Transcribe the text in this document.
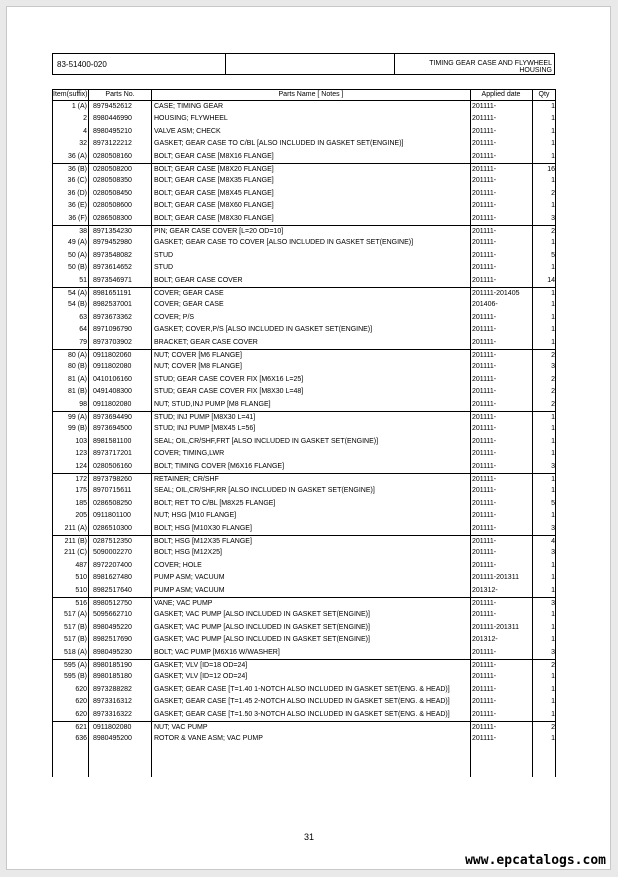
83-51400-020	TIMING GEAR CASE AND FLYWHEEL HOUSING
Item(suffix)	Parts No.	Parts Name [ Notes ]	Applied date	Qty
1 (A) 8979452612	CASE; TIMING GEAR	201111-	1
2 8980446990	HOUSING; FLYWHEEL	201111-	1
4 8980495210	VALVE ASM; CHECK	201111-	1
32 8973122212	GASKET; GEAR CASE TO C/BL [ALSO INCLUDED IN GASKET SET(ENGINE)]	201111-	1
36 (A) 0280508160	BOLT; GEAR CASE [M8X16 FLANGE]	201111-	1
36 (B) 0280508200	BOLT; GEAR CASE [M8X20 FLANGE]	201111-	16
36 (C) 0280508350	BOLT; GEAR CASE [M8X35 FLANGE]	201111-	1
36 (D) 0280508450	BOLT; GEAR CASE [M8X45 FLANGE]	201111-	2
36 (E) 0280508600	BOLT; GEAR CASE [M8X60 FLANGE]	201111-	1
36 (F) 0286508300	BOLT; GEAR CASE [M8X30 FLANGE]	201111-	3
38 8971354230	PIN; GEAR CASE COVER [L=20 OD=10]	201111-	2
49 (A) 8979452980	GASKET; GEAR CASE TO COVER [ALSO INCLUDED IN GASKET SET(ENGINE)]	201111-	1
50 (A) 8973548082	STUD	201111-	5
50 (B) 8973614652	STUD	201111-	1
51 8973546971	BOLT; GEAR CASE COVER	201111-	14
54 (A) 8981651191	COVER; GEAR CASE	201111-201405	1
54 (B) 8982537001	COVER; GEAR CASE	201406-	1
63 8973673362	COVER; P/S	201111-	1
64 8971096790	GASKET; COVER,P/S [ALSO INCLUDED IN GASKET SET(ENGINE)]	201111-	1
79 8973703902	BRACKET; GEAR CASE COVER	201111-	1
80 (A) 0911802060	NUT; COVER [M6 FLANGE]	201111-	2
80 (B) 0911802080	NUT; COVER [M8 FLANGE]	201111-	3
81 (A) 0410106160	STUD; GEAR CASE COVER FIX [M6X16 L=25]	201111-	2
81 (B) 0491408300	STUD; GEAR CASE COVER FIX [M8X30 L=48]	201111-	2
98 0911802080	NUT; STUD,INJ PUMP [M8 FLANGE]	201111-	2
99 (A) 8973694490	STUD; INJ PUMP [M8X30 L=41]	201111-	1
99 (B) 8973694500	STUD; INJ PUMP [M8X45 L=56]	201111-	1
103 8981581100	SEAL; OIL,CR/SHF,FRT [ALSO INCLUDED IN GASKET SET(ENGINE)]	201111-	1
123 8973717201	COVER; TIMING,LWR	201111-	1
124 0280506160	BOLT; TIMING COVER [M6X16 FLANGE]	201111-	3
172 8973798260	RETAINER; CR/SHF	201111-	1
175 8970715611	SEAL; OIL,CR/SHF,RR [ALSO INCLUDED IN GASKET SET(ENGINE)]	201111-	1
185 0286508250	BOLT; RET TO C/BL [M8X25 FLANGE]	201111-	5
205 0911801100	NUT; HSG [M10 FLANGE]	201111-	1
211 (A) 0286510300	BOLT; HSG [M10X30 FLANGE]	201111-	3
211 (B) 0287512350	BOLT; HSG [M12X35 FLANGE]	201111-	4
211 (C) 5090002270	BOLT; HSG [M12X25]	201111-	3
487 8972207400	COVER; HOLE	201111-	1
510 8981627480	PUMP ASM; VACUUM	201111-201311	1
510 8982517640	PUMP ASM; VACUUM	201312-	1
516 8980512750	VANE; VAC PUMP	201111-	3
517 (A) 5095662710	GASKET; VAC PUMP [ALSO INCLUDED IN GASKET SET(ENGINE)]	201111-	1
517 (B) 8980495220	GASKET; VAC PUMP [ALSO INCLUDED IN GASKET SET(ENGINE)]	201111-201311	1
517 (B) 8982517690	GASKET; VAC PUMP [ALSO INCLUDED IN GASKET SET(ENGINE)]	201312-	1
518 (A) 8980495230	BOLT; VAC PUMP [M6X16 W/WASHER]	201111-	3
595 (A) 8980185190	GASKET; VLV [ID=18 OD=24]	201111-	2
595 (B) 8980185180	GASKET; VLV [ID=12 OD=24]	201111-	1
620 8973288282	GASKET; GEAR CASE [T=1.40 1-NOTCH ALSO INCLUDED IN GASKET SET(ENG. & HEAD)]	201111-	1
620 8973316312	GASKET; GEAR CASE [T=1.45 2-NOTCH ALSO INCLUDED IN GASKET SET(ENG. & HEAD)]	201111-	1
620 8973316322	GASKET; GEAR CASE [T=1.50 3-NOTCH ALSO INCLUDED IN GASKET SET(ENG. & HEAD)]	201111-	1
621 0911802080	NUT; VAC PUMP	201111-	2
636 8980495200	ROTOR & VANE ASM; VAC PUMP	201111-	1
31
www.epcatalogs.com
